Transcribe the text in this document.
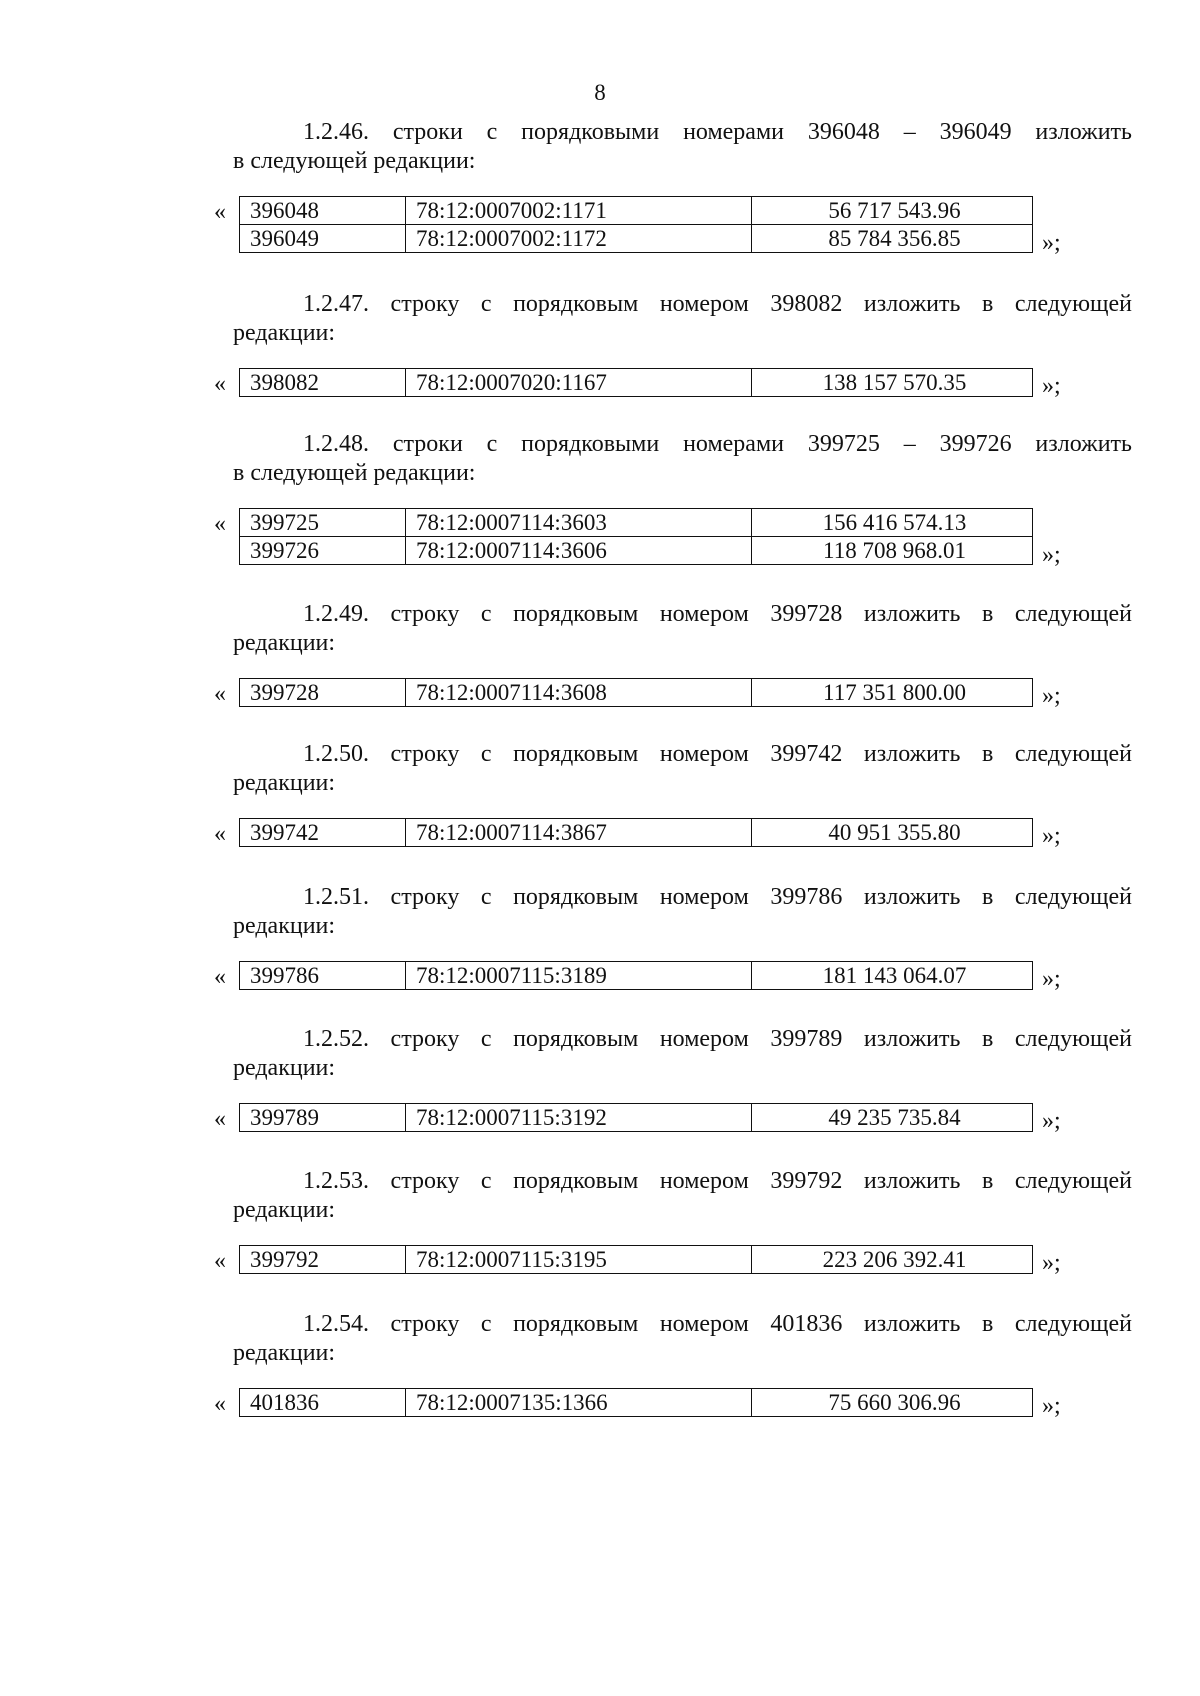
8

1.2.46. строки с порядковыми номерами 396048 – 396049 изложить
в следующей редакции:

« 396048	78:12:0007002:1171	56 717 543.96
396049	78:12:0007002:1172	85 784 356.85	»;

1.2.47. строку с порядковым номером 398082 изложить в следующей
редакции:

« 398082	78:12:0007020:1167	138 157 570.35	»;

1.2.48. строки с порядковыми номерами 399725 – 399726 изложить
в следующей редакции:

« 399725	78:12:0007114:3603	156 416 574.13
399726	78:12:0007114:3606	118 708 968.01	»;

1.2.49. строку с порядковым номером 399728 изложить в следующей
редакции:

« 399728	78:12:0007114:3608	117 351 800.00	»;

1.2.50. строку с порядковым номером 399742 изложить в следующей
редакции:

« 399742	78:12:0007114:3867	40 951 355.80	»;

1.2.51. строку с порядковым номером 399786 изложить в следующей
редакции:

« 399786	78:12:0007115:3189	181 143 064.07	»;

1.2.52. строку с порядковым номером 399789 изложить в следующей
редакции:

« 399789	78:12:0007115:3192	49 235 735.84	»;

1.2.53. строку с порядковым номером 399792 изложить в следующей
редакции:

« 399792	78:12:0007115:3195	223 206 392.41	»;

1.2.54. строку с порядковым номером 401836 изложить в следующей
редакции:

« 401836	78:12:0007135:1366	75 660 306.96	»;
